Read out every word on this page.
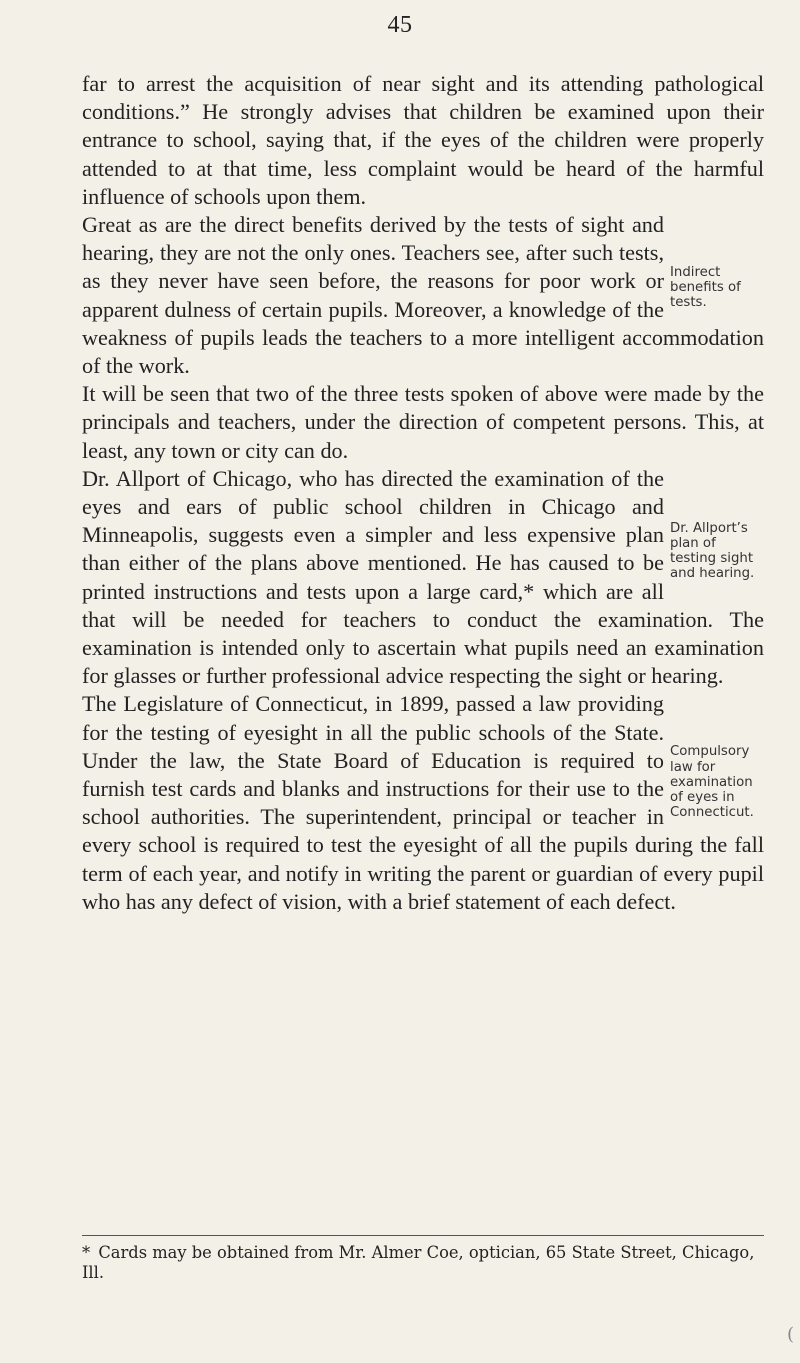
45

far to arrest the acquisition of near sight and its attending pathological conditions.” He strongly advises that children be examined upon their entrance to school, saying that, if the eyes of the children were properly attended to at that time, less complaint would be heard of the harmful influence of schools upon them.

Indirect benefits of tests.
Great as are the direct benefits derived by the tests of sight and hearing, they are not the only ones. Teachers see, after such tests, as they never have seen before, the reasons for poor work or apparent dulness of certain pupils. Moreover, a knowledge of the weakness of pupils leads the teachers to a more intelligent accommodation of the work.

It will be seen that two of the three tests spoken of above were made by the principals and teachers, under the direction of competent persons. This, at least, any town or city can do.

Dr. Allport’s plan of testing sight and hearing.
Dr. Allport of Chicago, who has directed the examination of the eyes and ears of public school children in Chicago and Minneapolis, suggests even a simpler and less expensive plan than either of the plans above mentioned. He has caused to be printed instructions and tests upon a large card,* which are all that will be needed for teachers to conduct the examination. The examination is intended only to ascertain what pupils need an examination for glasses or further professional advice respecting the sight or hearing.

Compulsory law for examination of eyes in Connecticut.
The Legislature of Connecticut, in 1899, passed a law providing for the testing of eyesight in all the public schools of the State. Under the law, the State Board of Education is required to furnish test cards and blanks and instructions for their use to the school authorities. The superintendent, principal or teacher in every school is required to test the eyesight of all the pupils during the fall term of each year, and notify in writing the parent or guardian of every pupil who has any defect of vision, with a brief statement of each defect.

* Cards may be obtained from Mr. Almer Coe, optician, 65 State Street, Chicago, Ill.
(
